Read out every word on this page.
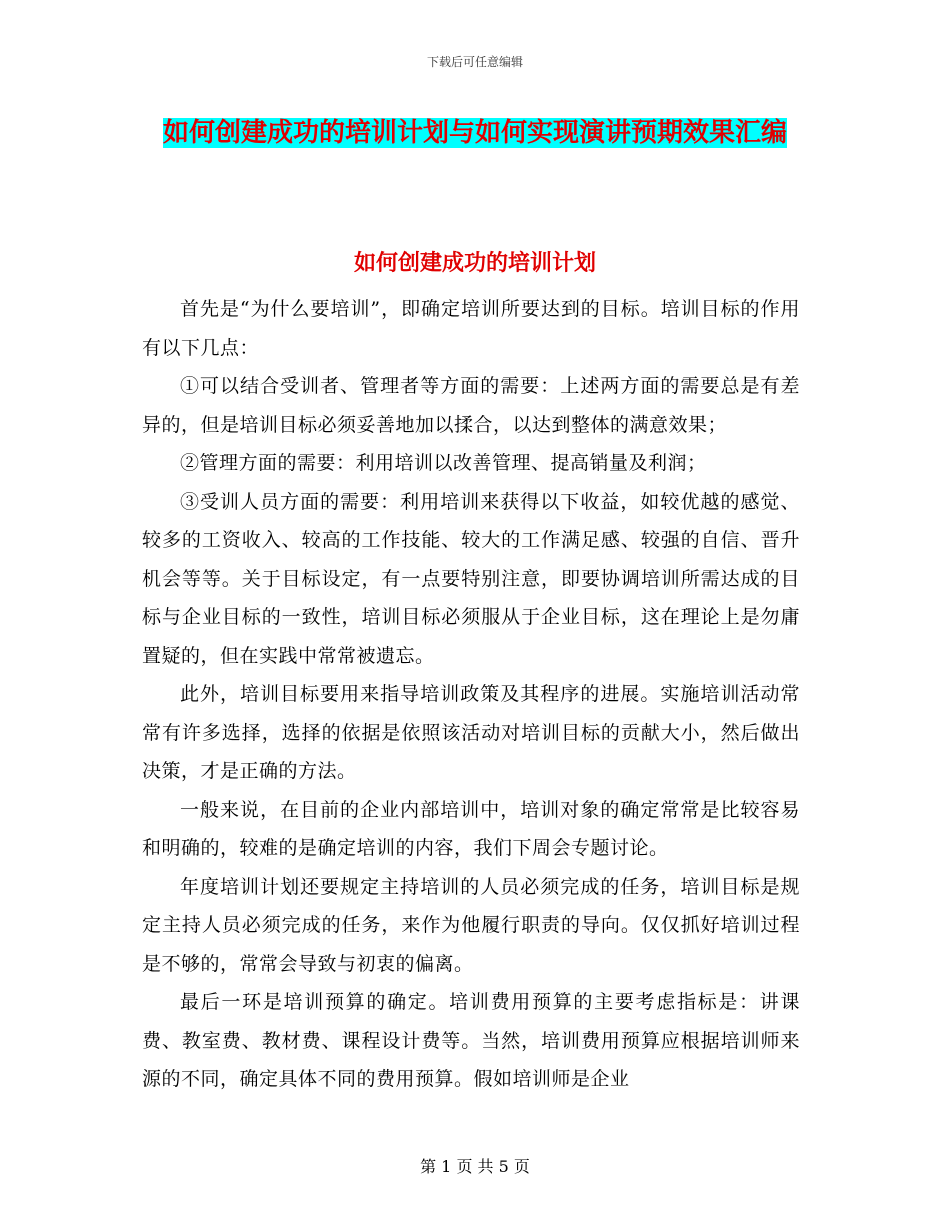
下载后可任意编辑
如何创建成功的培训计划与如何实现演讲预期效果汇编
如何创建成功的培训计划

首先是“为什么要培训”，即确定培训所要达到的目标。培训目标的作用有以下几点：

①可以结合受训者、管理者等方面的需要：上述两方面的需要总是有差异的，但是培训目标必须妥善地加以揉合，以达到整体的满意效果；

②管理方面的需要：利用培训以改善管理、提高销量及利润；

③受训人员方面的需要：利用培训来获得以下收益，如较优越的感觉、较多的工资收入、较高的工作技能、较大的工作满足感、较强的自信、晋升机会等等。关于目标设定，有一点要特别注意，即要协调培训所需达成的目标与企业目标的一致性，培训目标必须服从于企业目标，这在理论上是勿庸置疑的，但在实践中常常被遗忘。

此外，培训目标要用来指导培训政策及其程序的进展。实施培训活动常常有许多选择，选择的依据是依照该活动对培训目标的贡献大小，然后做出决策，才是正确的方法。

一般来说，在目前的企业内部培训中，培训对象的确定常常是比较容易和明确的，较难的是确定培训的内容，我们下周会专题讨论。

年度培训计划还要规定主持培训的人员必须完成的任务，培训目标是规定主持人员必须完成的任务，来作为他履行职责的导向。仅仅抓好培训过程是不够的，常常会导致与初衷的偏离。

最后一环是培训预算的确定。培训费用预算的主要考虑指标是：讲课费、教室费、教材费、课程设计费等。当然，培训费用预算应根据培训师来源的不同，确定具体不同的费用预算。假如培训师是企业

第 1 页 共 5 页
